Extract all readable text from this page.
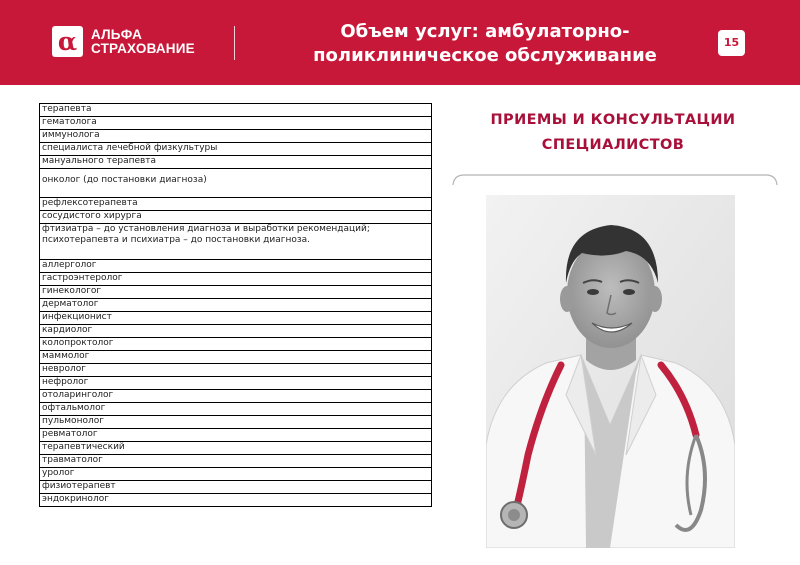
α	АЛЬФА
СТРАХОВАНИЕ
Объем услуг: амбулаторно-
поликлиническое обслуживание
15
терапевта
гематолога
иммунолога
специалиста лечебной физкультуры
мануального терапевта
онколог (до постановки диагноза)
рефлексотерапевта
сосудистого хирурга
фтизиатра – до установления диагноза и выработки рекомендаций; психотерапевта и психиатра – до постановки диагноза.
аллерголог
гастроэнтеролог
гинекологог
дерматолог
инфекционист
кардиолог
колопроктолог
маммолог
невролог
нефролог
отоларинголог
офтальмолог
пульмонолог
ревматолог
терапевтический
травматолог
уролог
физиотерапевт
эндокринолог
ПРИЕМЫ И КОНСУЛЬТАЦИИ
СПЕЦИАЛИСТОВ
